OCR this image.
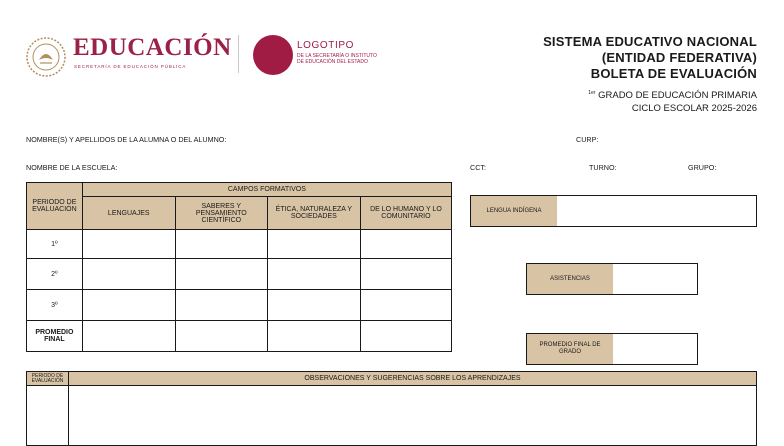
EDUCACIÓN
SECRETARÍA DE EDUCACIÓN PÚBLICA
LOGOTIPO
DE LA SECRETARÍA O INSTITUTO
DE EDUCACIÓN DEL ESTADO
SISTEMA EDUCATIVO NACIONAL
(ENTIDAD FEDERATIVA)
BOLETA DE EVALUACIÓN
$^{1er}$ GRADO DE EDUCACIÓN PRIMARIA
CICLO ESCOLAR 2025-2026
NOMBRE(S) Y APELLIDOS DE LA ALUMNA O DEL ALUMNO:	CURP:
NOMBRE DE LA ESCUELA:	CCT:	TURNO:	GRUPO:
PERIODO DE EVALUACIÓN	CAMPOS FORMATIVOS			
	LENGUAJES	SABERES Y PENSAMIENTO CIENTÍFICO	ÉTICA, NATURALEZA Y SOCIEDADES	DE LO HUMANO Y LO COMUNITARIO
1º				
2º				
3º				
PROMEDIO FINAL				
LENGUA INDÍGENA
ASISTENCIAS
PROMEDIO FINAL DE GRADO
PERIODO DE EVALUACIÓN	OBSERVACIONES Y SUGERENCIAS SOBRE LOS APRENDIZAJES
